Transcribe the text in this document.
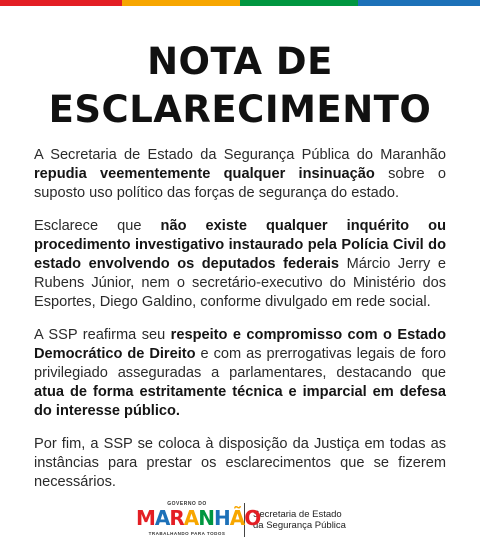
NOTA DE
ESCLARECIMENTO

A Secretaria de Estado da Segurança Pública do Maranhão repudia veementemente qualquer insinuação sobre o suposto uso político das forças de segurança do estado.

Esclarece que não existe qualquer inquérito ou procedimento investigativo instaurado pela Polícia Civil do estado envolvendo os deputados federais Márcio Jerry e Rubens Júnior, nem o secretário-executivo do Ministério dos Esportes, Diego Galdino, conforme divulgado em rede social.

A SSP reafirma seu respeito e compromisso com o Estado Democrático de Direito e com as prerrogativas legais de foro privilegiado asseguradas a parlamentares, destacando que atua de forma estritamente técnica e imparcial em defesa do interesse público.

Por fim, a SSP se coloca à disposição da Justiça em todas as instâncias para prestar os esclarecimentos que se fizerem necessários.

GOVERNO DO
MARANHÃO
TRABALHANDO PARA TODOS
Secretaria de Estado
da Segurança Pública
